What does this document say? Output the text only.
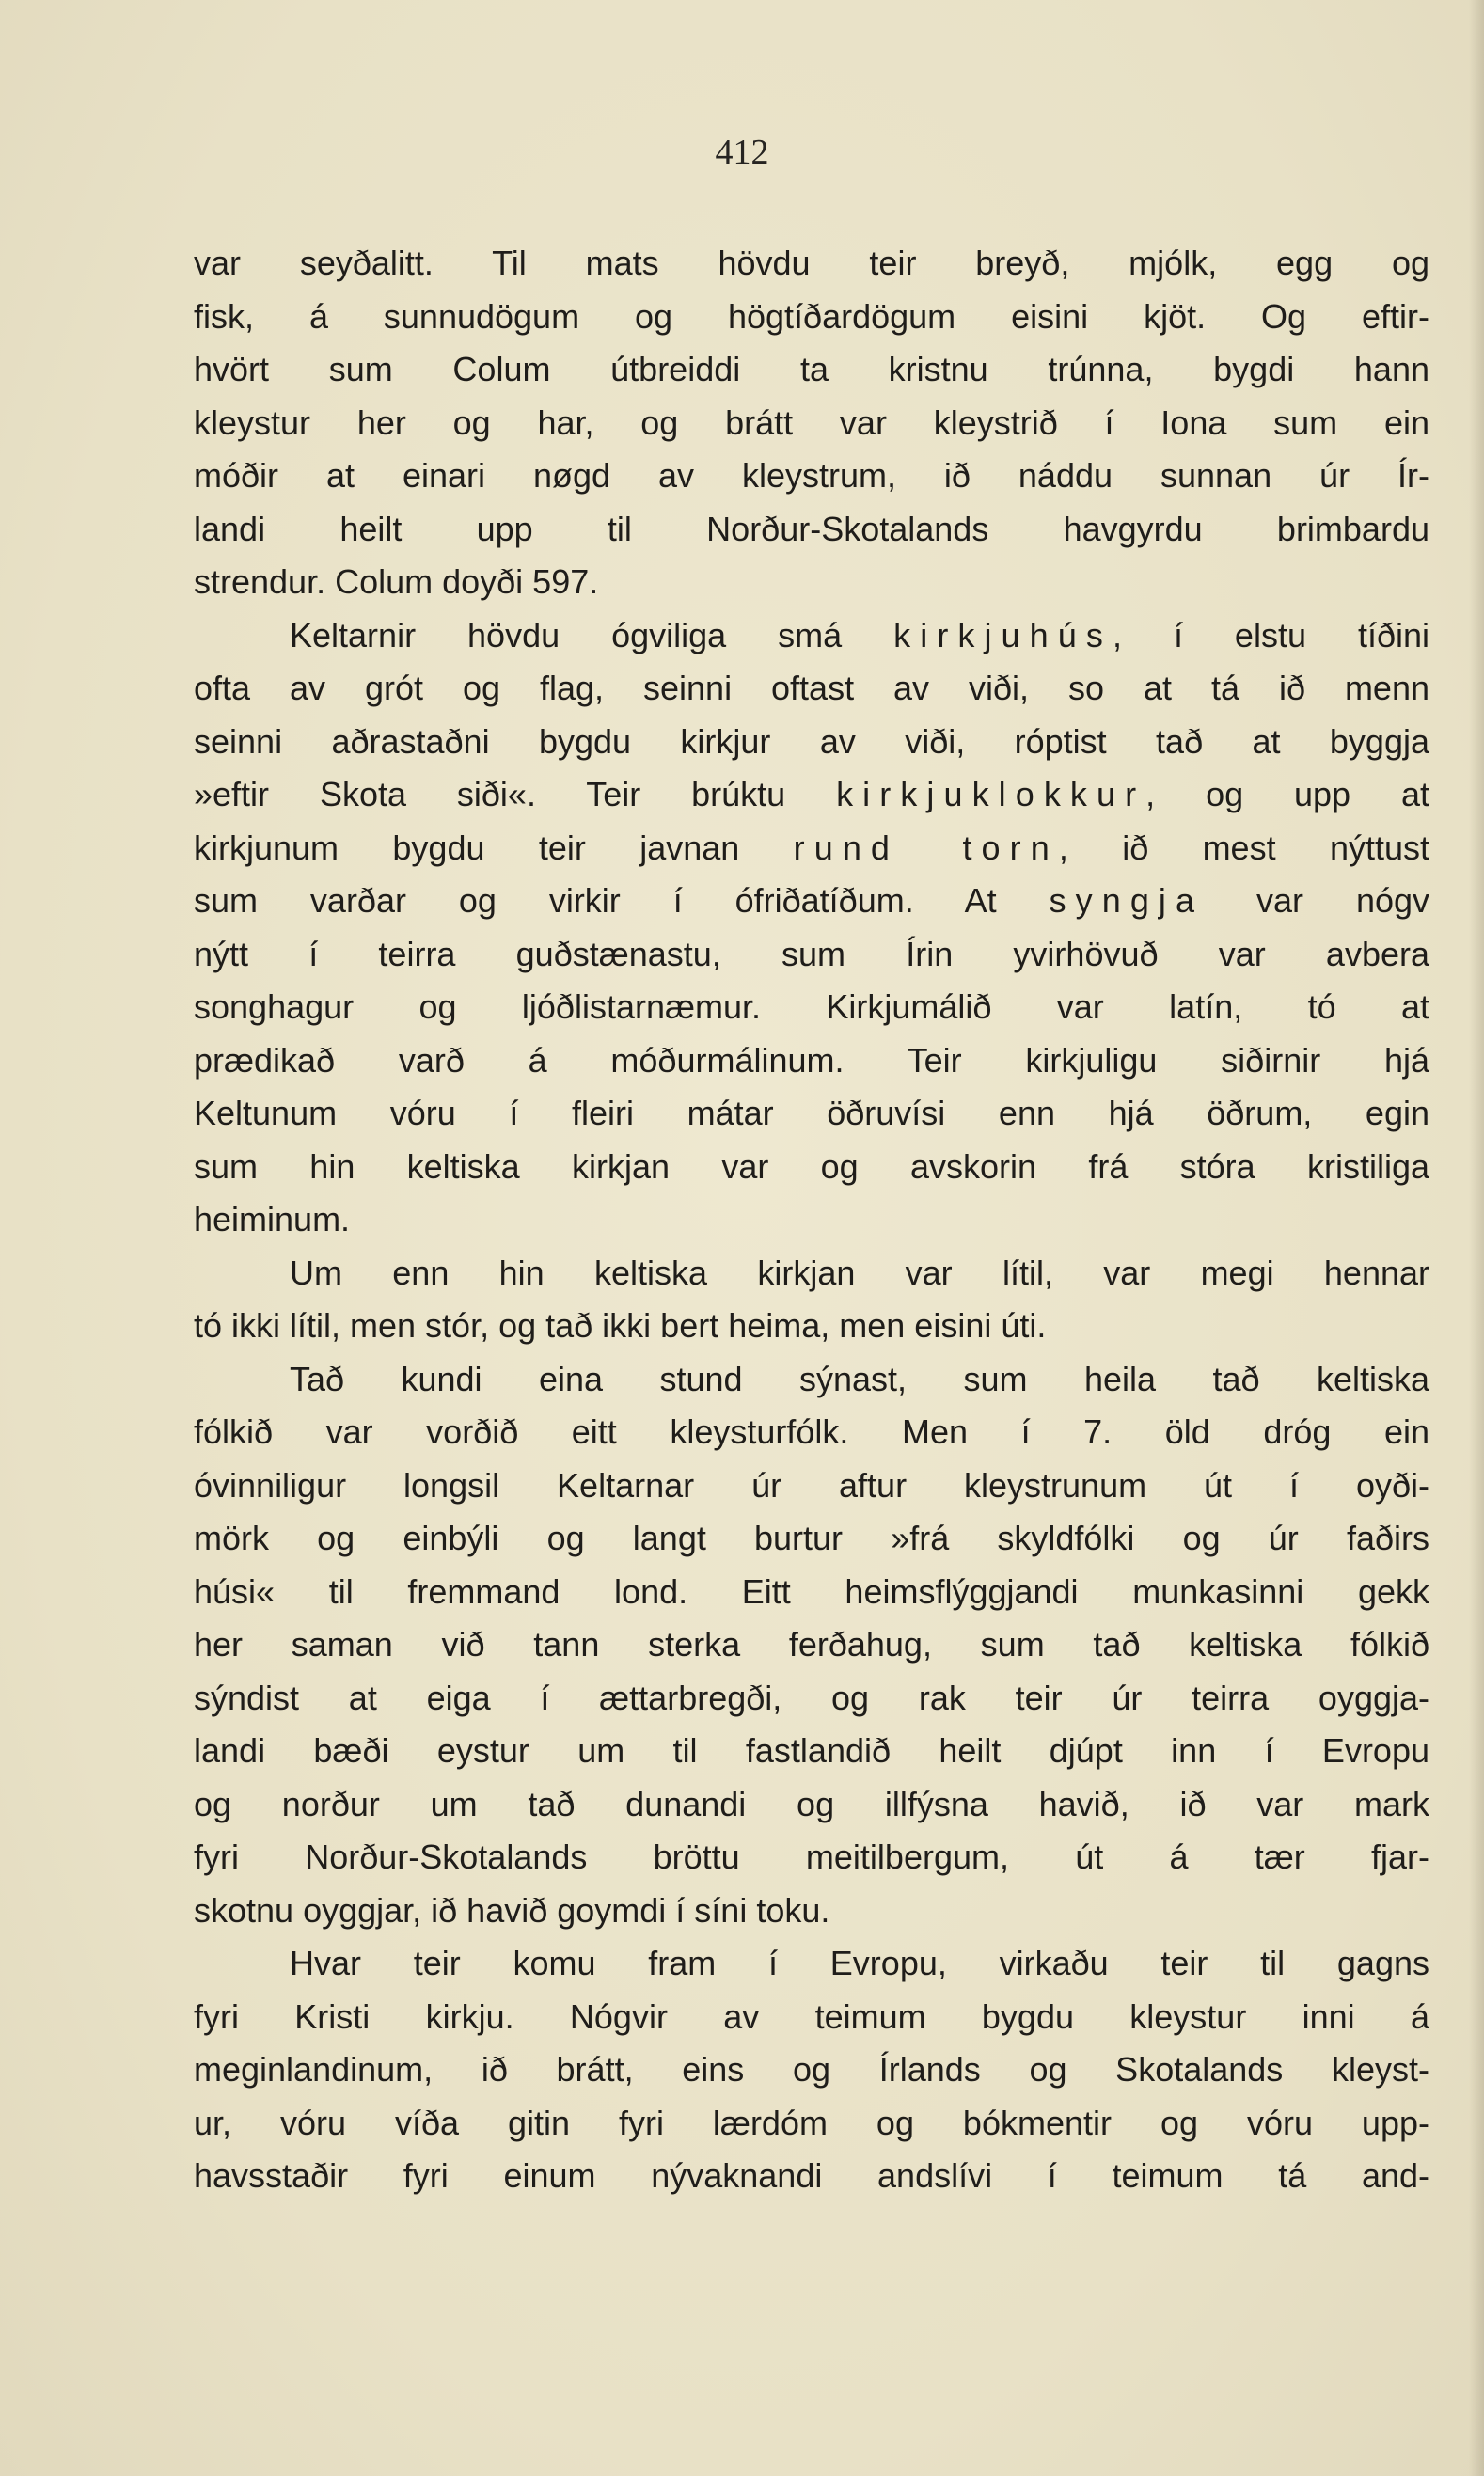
412

var seyðalitt. Til mats hövdu teir breyð, mjólk, egg og
fisk, á sunnudögum og högtíðardögum eisini kjöt. Og eftir-
hvört sum Colum útbreiddi ta kristnu trúnna, bygdi hann
kleystur her og har, og brátt var kleystrið í Iona sum ein
móðir at einari nøgd av kleystrum, ið náddu sunnan úr Ír-
landi heilt upp til Norður-Skotalands havgyrdu brimbardu
strendur. Colum doyði 597.
Keltarnir hövdu ógviliga smá kirkjuhús, í elstu tíðini
ofta av grót og flag, seinni oftast av viði, so at tá ið menn
seinni aðrastaðni bygdu kirkjur av viði, róptist tað at byggja
»eftir Skota siði«. Teir brúktu kirkjuklokkur, og upp at
kirkjunum bygdu teir javnan rund torn, ið mest nýttust
sum varðar og virkir í ófriðatíðum. At syngja var nógv
nýtt í teirra guðstænastu, sum Írin yvirhövuð var avbera
songhagur og ljóðlistarnæmur. Kirkjumálið var latín, tó at
prædikað varð á móðurmálinum. Teir kirkjuligu siðirnir hjá
Keltunum vóru í fleiri mátar öðruvísi enn hjá öðrum, egin
sum hin keltiska kirkjan var og avskorin frá stóra kristiliga
heiminum.
Um enn hin keltiska kirkjan var lítil, var megi hennar
tó ikki lítil, men stór, og tað ikki bert heima, men eisini úti.
Tað kundi eina stund sýnast, sum heila tað keltiska
fólkið var vorðið eitt kleysturfólk. Men í 7. öld dróg ein
óvinniligur longsil Keltarnar úr aftur kleystrunum út í oyði-
mörk og einbýli og langt burtur »frá skyldfólki og úr faðirs
húsi« til fremmand lond. Eitt heimsflýggjandi munkasinni gekk
her saman við tann sterka ferðahug, sum tað keltiska fólkið
sýndist at eiga í ættarbregði, og rak teir úr teirra oyggja-
landi bæði eystur um til fastlandið heilt djúpt inn í Evropu
og norður um tað dunandi og illfýsna havið, ið var mark
fyri Norður-Skotalands bröttu meitilbergum, út á tær fjar-
skotnu oyggjar, ið havið goymdi í síni toku.
Hvar teir komu fram í Evropu, virkaðu teir til gagns
fyri Kristi kirkju. Nógvir av teimum bygdu kleystur inni á
meginlandinum, ið brátt, eins og Írlands og Skotalands kleyst-
ur, vóru víða gitin fyri lærdóm og bókmentir og vóru upp-
havsstaðir fyri einum nývaknandi andslívi í teimum tá and-
